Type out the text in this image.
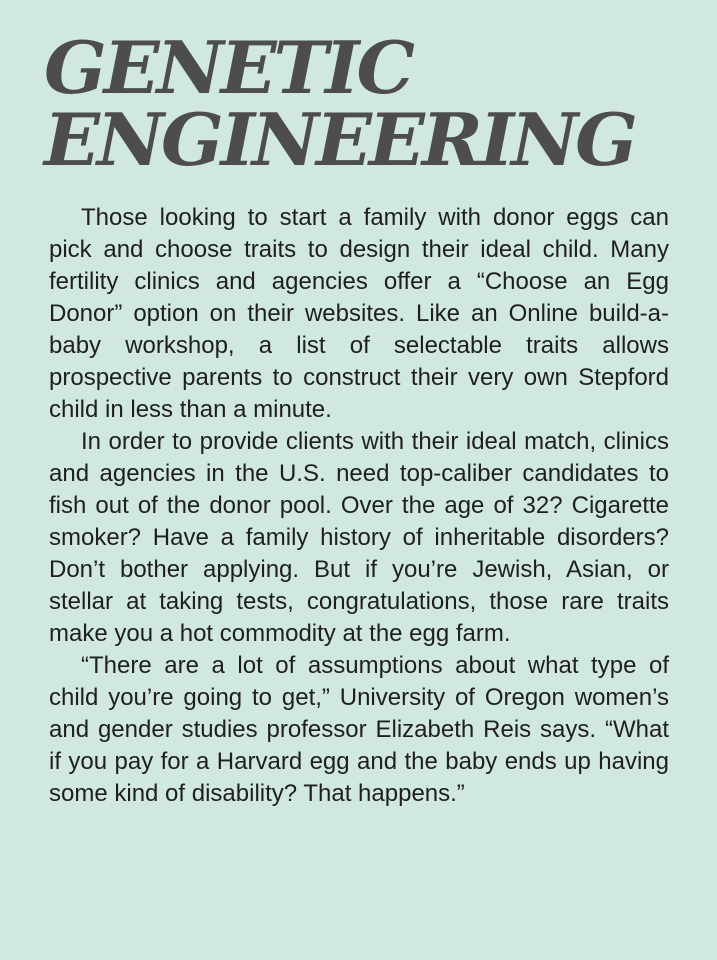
GENETIC
ENGINEERING

Those looking to start a family with donor eggs can pick and choose traits to design their ideal child. Many fertility clinics and agencies offer a “Choose an Egg Donor” option on their websites. Like an Online build-a-baby workshop, a list of selectable traits allows prospective parents to construct their very own Stepford child in less than a minute.

In order to provide clients with their ideal match, clinics and agencies in the U.S. need top-caliber candidates to fish out of the donor pool. Over the age of 32? Cigarette smoker? Have a family history of inheritable disorders? Don’t bother applying. But if you’re Jewish, Asian, or stellar at taking tests, congratulations, those rare traits make you a hot commodity at the egg farm.

“There are a lot of assumptions about what type of child you’re going to get,” University of Oregon women’s and gender studies professor Elizabeth Reis says. “What if you pay for a Harvard egg and the baby ends up having some kind of disability? That happens.”
